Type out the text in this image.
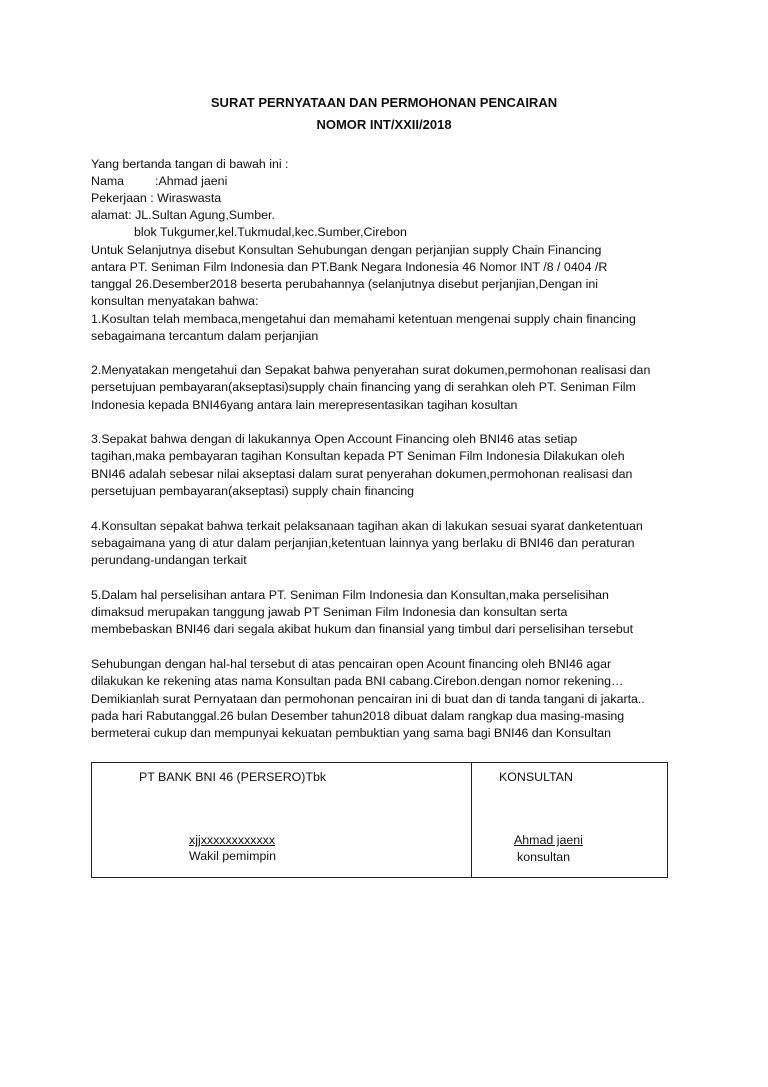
SURAT PERNYATAAN DAN PERMOHONAN PENCAIRAN
NOMOR INT/XXII/2018
Yang bertanda tangan di bawah ini :
Nama :Ahmad jaeni
Pekerjaan : Wiraswasta
alamat: JL.Sultan Agung,Sumber.
blok Tukgumer,kel.Tukmudal,kec.Sumber,Cirebon
Untuk Selanjutnya disebut Konsultan Sehubungan dengan perjanjian supply Chain Financing
antara PT. Seniman Film Indonesia dan PT.Bank Negara Indonesia 46 Nomor INT /8 / 0404 /R
tanggal 26.Desember2018 beserta perubahannya (selanjutnya disebut perjanjian,Dengan ini
konsultan menyatakan bahwa:
1.Kosultan telah membaca,mengetahui dan memahami ketentuan mengenai supply chain financing
sebagaimana tercantum dalam perjanjian
2.Menyatakan mengetahui dan Sepakat bahwa penyerahan surat dokumen,permohonan realisasi dan
persetujuan pembayaran(akseptasi)supply chain financing yang di serahkan oleh PT. Seniman Film
Indonesia kepada BNI46yang antara lain merepresentasikan tagihan kosultan
3.Sepakat bahwa dengan di lakukannya Open Account Financing oleh BNI46 atas setiap
tagihan,maka pembayaran tagihan Konsultan kepada PT Seniman Film Indonesia Dilakukan oleh
BNI46 adalah sebesar nilai akseptasi dalam surat penyerahan dokumen,permohonan realisasi dan
persetujuan pembayaran(akseptasi) supply chain financing
4.Konsultan sepakat bahwa terkait pelaksanaan tagihan akan di lakukan sesuai syarat danketentuan
sebagaimana yang di atur dalam perjanjian,ketentuan lainnya yang berlaku di BNI46 dan peraturan
perundang-undangan terkait
5.Dalam hal perselisihan antara PT. Seniman Film Indonesia dan Konsultan,maka perselisihan
dimaksud merupakan tanggung jawab PT Seniman Film Indonesia dan konsultan serta
membebaskan BNI46 dari segala akibat hukum dan finansial yang timbul dari perselisihan tersebut
Sehubungan dengan hal-hal tersebut di atas pencairan open Acount financing oleh BNI46 agar
dilakukan ke rekening atas nama Konsultan pada BNI cabang.Cirebon.dengan nomor rekening…
Demikianlah surat Pernyataan dan permohonan pencairan ini di buat dan di tanda tangani di jakarta..
pada hari Rabutanggal.26 bulan Desember tahun2018 dibuat dalam rangkap dua masing-masing
bermeterai cukup dan mempunyai kekuatan pembuktian yang sama bagi BNI46 dan Konsultan
PT BANK BNI 46 (PERSERO)Tbk	KONSULTAN
xjjxxxxxxxxxxxx
Wakil pemimpin
Ahmad jaeni
konsultan
